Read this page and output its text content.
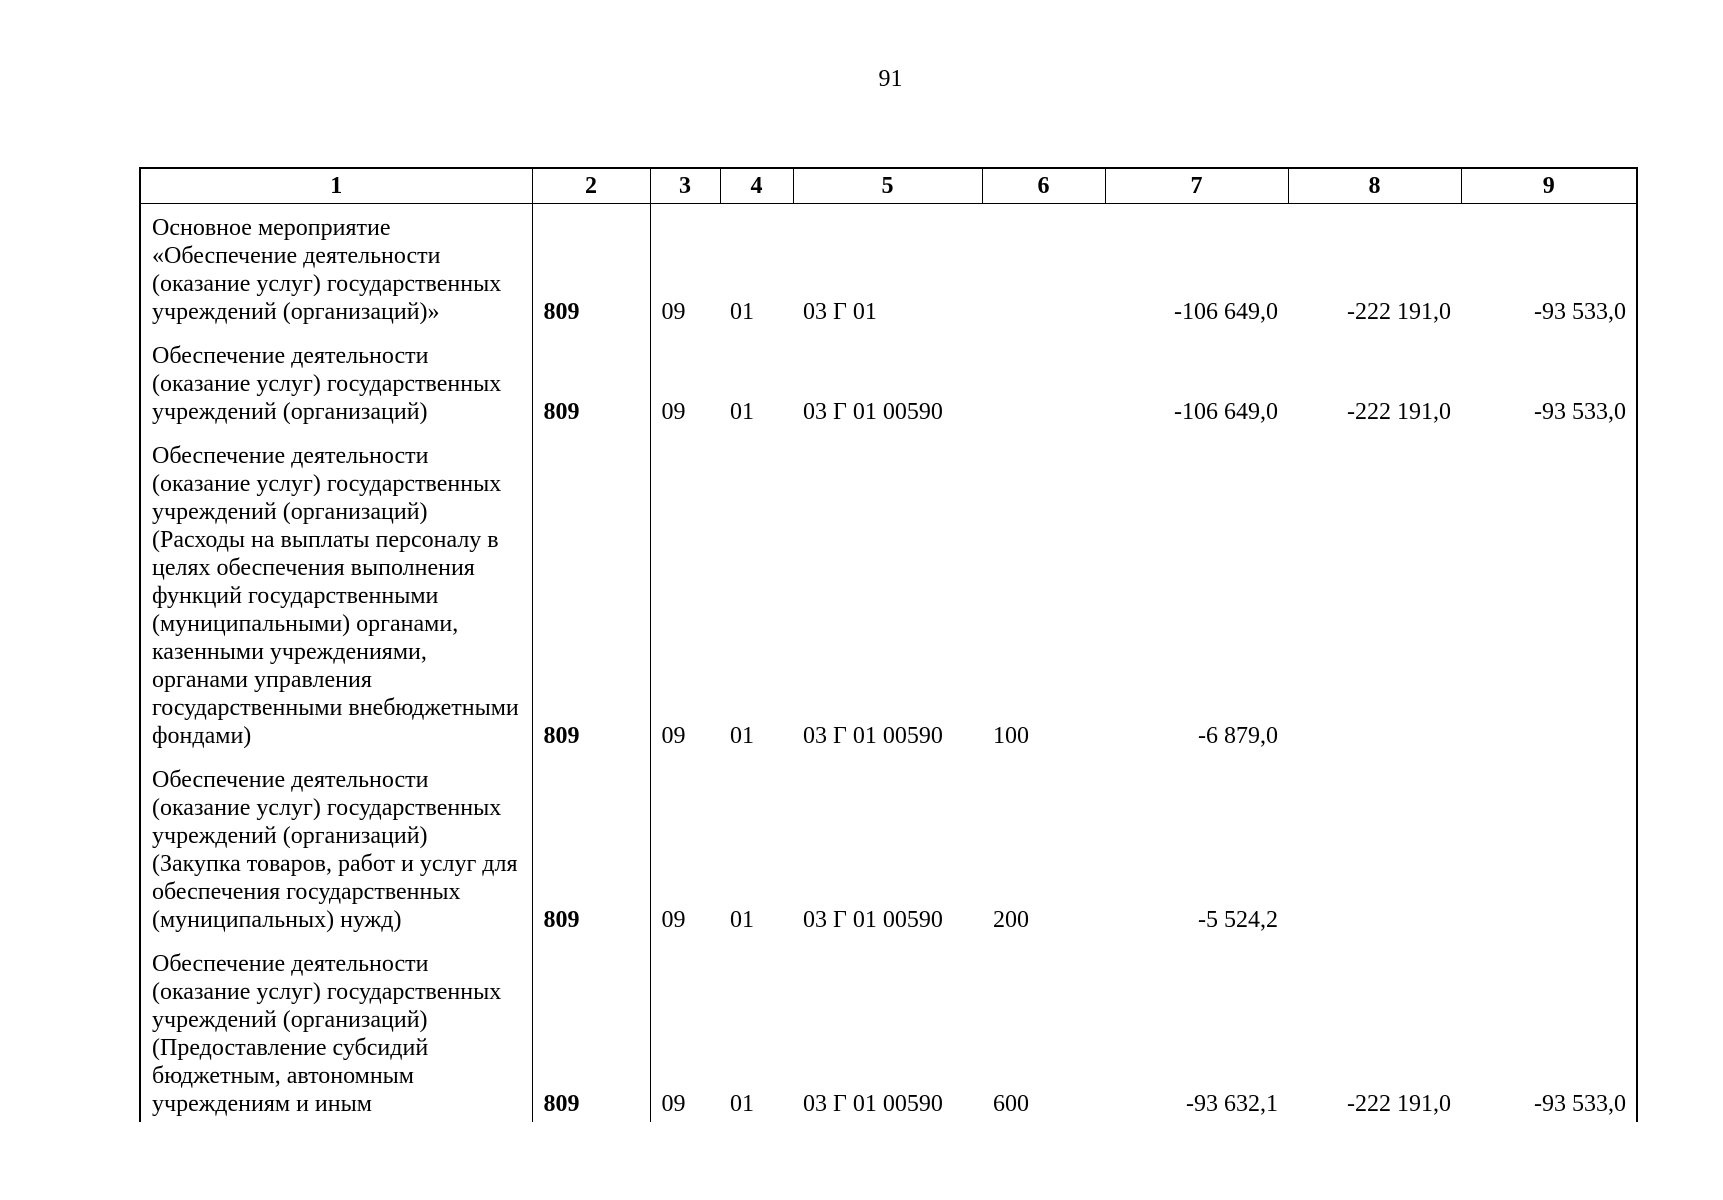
91
1	2	3	4	5	6	7	8	9
Основное мероприятие «Обеспечение деятельности (оказание услуг) государственных учреждений (организаций)»	809	09	01	03 Г 01		-106 649,0	-222 191,0	-93 533,0
Обеспечение деятельности (оказание услуг) государственных учреждений (организаций)	809	09	01	03 Г 01 00590		-106 649,0	-222 191,0	-93 533,0
Обеспечение деятельности (оказание услуг) государственных учреждений (организаций) (Расходы на выплаты персоналу в целях обеспечения выполнения функций государственными (муниципальными) органами, казенными учреждениями, органами управления государственными внебюджетными фондами)	809	09	01	03 Г 01 00590	100	-6 879,0		
Обеспечение деятельности (оказание услуг) государственных учреждений (организаций) (Закупка товаров, работ и услуг для обеспечения государственных (муниципальных) нужд)	809	09	01	03 Г 01 00590	200	-5 524,2		
Обеспечение деятельности (оказание услуг) государственных учреждений (организаций) (Предоставление субсидий бюджетным, автономным учреждениям и иным	809	09	01	03 Г 01 00590	600	-93 632,1	-222 191,0	-93 533,0
